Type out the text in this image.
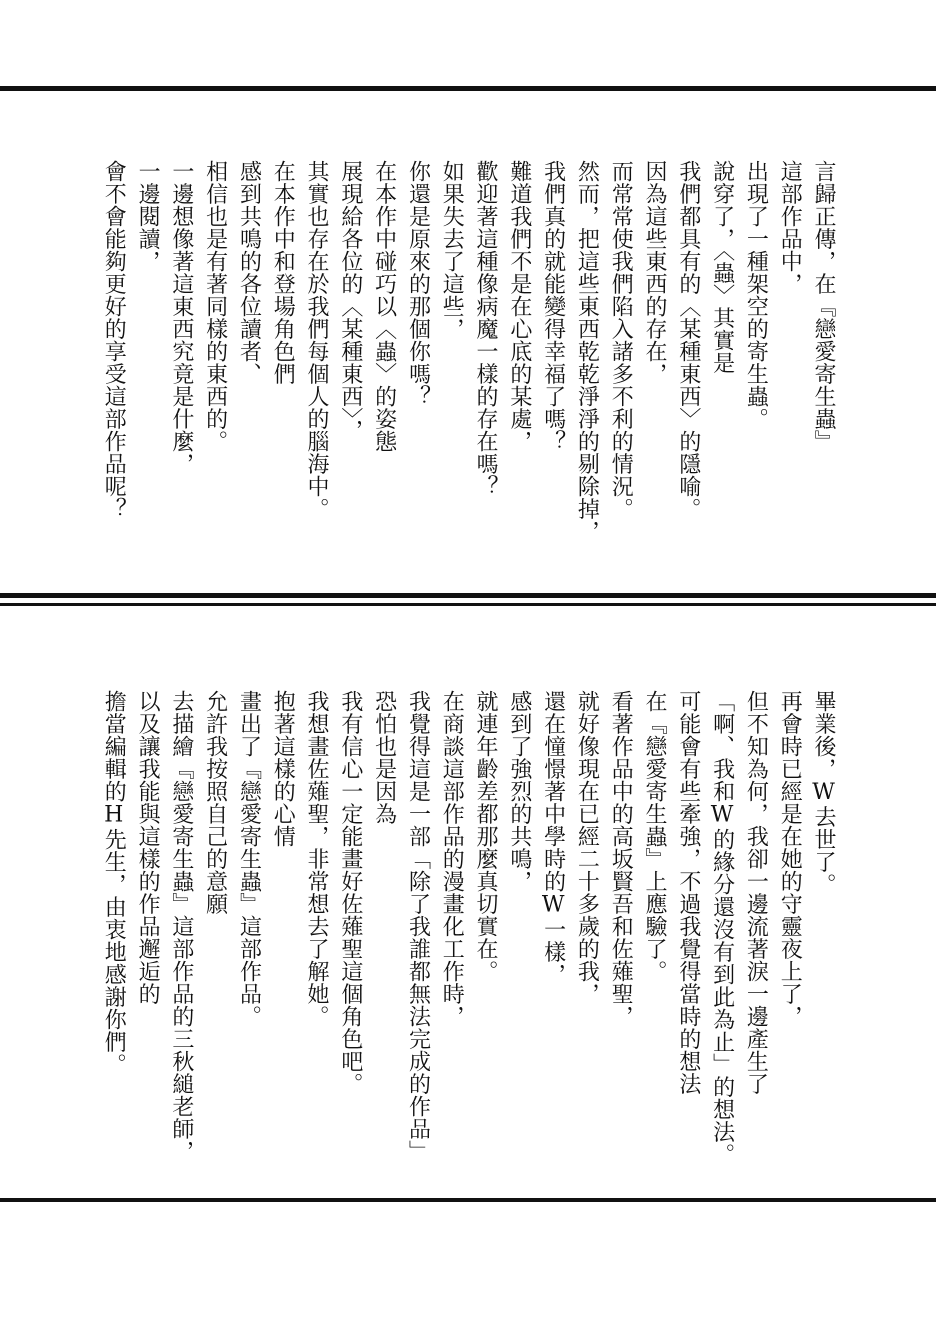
言歸正傳，在『戀愛寄生蟲』
這部作品中，
出現了一種架空的寄生蟲。
說穿了，〈蟲〉其實是
我們都具有的〈某種東西〉的隱喻。
因為這些東西的存在，
而常常使我們陷入諸多不利的情況。
然而，把這些東西乾乾淨淨的剔除掉，
我們真的就能變得幸福了嗎？
難道我們不是在心底的某處，
歡迎著這種像病魔一樣的存在嗎？
如果失去了這些，
你還是原來的那個你嗎？
在本作中碰巧以〈蟲〉的姿態
展現給各位的〈某種東西〉，
其實也存在於我們每個人的腦海中。
在本作中和登場角色們
感到共鳴的各位讀者、
相信也是有著同樣的東西的。
一邊想像著這東西究竟是什麼，
一邊閱讀，
會不會能夠更好的享受這部作品呢？
畢業後，W去世了。
再會時已經是在她的守靈夜上了，
但不知為何，我卻一邊流著淚一邊產生了
「啊、我和W的緣分還沒有到此為止」的想法。
可能會有些牽強，不過我覺得當時的想法
在『戀愛寄生蟲』上應驗了。
看著作品中的高坂賢吾和佐薙聖，
就好像現在已經二十多歲的我，
還在憧憬著中學時的W一樣，
感到了強烈的共鳴，
就連年齡差都那麼真切實在。
在商談這部作品的漫畫化工作時，
我覺得這是一部「除了我誰都無法完成的作品」
恐怕也是因為
我有信心一定能畫好佐薙聖這個角色吧。
我想畫佐薙聖，非常想去了解她。
抱著這樣的心情
畫出了『戀愛寄生蟲』這部作品。
允許我按照自己的意願
去描繪『戀愛寄生蟲』這部作品的三秋縋老師，
以及讓我能與這樣的作品邂逅的
擔當編輯的H先生，由衷地感謝你們。
